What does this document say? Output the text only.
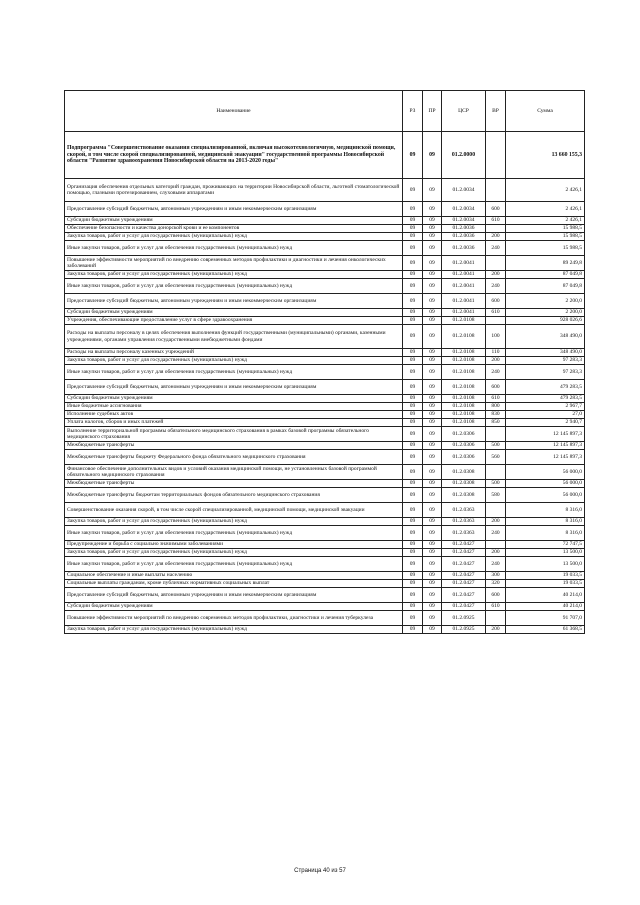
Наименование	РЗ	ПР	ЦСР	ВР	Сумма
Подпрограмма "Совершенствование оказания специализированной, включая высокотехнологичную, медицинской помощи, скорой, в том числе скорой специализированной, медицинской эвакуации" государственной программы Новосибирской области "Развитие здравоохранения Новосибирской области на 2013-2020 годы"	09	09	01.2.0000		13 660 155,3
Организация обеспечения отдельных категорий граждан, проживающих на территории Новосибирской области, льготной стоматологической помощью, глазными протезированием, слуховыми аппаратами	09	09	01.2.0034		2 426,1
Предоставление субсидий бюджетным, автономным учреждениям и иным некоммерческим организациям	09	09	01.2.0034	600	2 426,1
Субсидии бюджетным учреждениям	09	09	01.2.0034	610	2 426,1
Обеспечение безопасности и качества донорской крови и ее компонентов	09	09	01.2.0036		15 988,5
Закупка товаров, работ и услуг для государственных (муниципальных) нужд	09	09	01.2.0036	200	15 988,5
Иные закупки товаров, работ и услуг для обеспечения государственных (муниципальных) нужд	09	09	01.2.0036	240	15 988,5
Повышение эффективности мероприятий по внедрению современных методов профилактики и диагностики и лечения онкологических заболеваний	09	09	01.2.0041		89 249,8
Закупка товаров, работ и услуг для государственных (муниципальных) нужд	09	09	01.2.0041	200	87 049,8
Иные закупки товаров, работ и услуг для обеспечения государственных (муниципальных) нужд	09	09	01.2.0041	240	87 049,8
Предоставление субсидий бюджетным, автономным учреждениям и иным некоммерческим организациям	09	09	01.2.0041	600	2 200,0
Субсидии бюджетным учреждениям	09	09	01.2.0041	610	2 200,0
Учреждения, обеспечивающие предоставление услуг в сфере здравоохранения	09	09	01.2.0108		928 026,6
Расходы на выплаты персоналу в целях обеспечения выполнения функций государственными (муниципальными) органами, казенными учреждениями, органами управления государственными внебюджетными фондами	09	09	01.2.0108	100	348 490,0
Расходы на выплаты персоналу казенных учреждений	09	09	01.2.0108	110	348 490,0
Закупка товаров, работ и услуг для государственных (муниципальных) нужд	09	09	01.2.0108	200	97 283,3
Иные закупки товаров, работ и услуг для обеспечения государственных (муниципальных) нужд	09	09	01.2.0108	240	97 283,3
Предоставление субсидий бюджетным, автономным учреждениям и иным некоммерческим организациям	09	09	01.2.0108	600	479 283,5
Субсидии бюджетным учреждениям	09	09	01.2.0108	610	479 283,5
Иные бюджетные ассигнования	09	09	01.2.0108	800	2 967,7
Исполнение судебных актов	09	09	01.2.0108	830	27,0
Уплата налогов, сборов и иных платежей	09	09	01.2.0108	850	2 940,7
Выполнение территориальной программы обязательного медицинского страхования в рамках базовой программы обязательного медицинского страхования	09	09	01.2.0306		12 145 897,3
Межбюджетные трансферты	09	09	01.2.0306	500	12 145 897,3
Межбюджетные трансферты бюджету Федерального фонда обязательного медицинского страхования	09	09	01.2.0306	560	12 145 897,3
Финансовое обеспечение дополнительных видов и условий оказания медицинской помощи, не установленных базовой программой обязательного медицинского страхования	09	09	01.2.0308		56 000,0
Межбюджетные трансферты	09	09	01.2.0308	500	56 000,0
Межбюджетные трансферты бюджетам территориальных фондов обязательного медицинского страхования	09	09	01.2.0308	580	56 000,0
Совершенствование оказания скорой, в том числе скорой специализированной, медицинской помощи, медицинской эвакуации	09	09	01.2.0363		8 316,0
Закупка товаров, работ и услуг для государственных (муниципальных) нужд	09	09	01.2.0363	200	8 316,0
Иные закупки товаров, работ и услуг для обеспечения государственных (муниципальных) нужд	09	09	01.2.0363	240	8 316,0
Предупреждение и борьба с социально значимыми заболеваниями	09	09	01.2.0427		72 747,5
Закупка товаров, работ и услуг для государственных (муниципальных) нужд	09	09	01.2.0427	200	13 500,0
Иные закупки товаров, работ и услуг для обеспечения государственных (муниципальных) нужд	09	09	01.2.0427	240	13 500,0
Социальное обеспечение и иные выплаты населению	09	09	01.2.0427	300	19 033,5
Социальные выплаты гражданам, кроме публичных нормативных социальных выплат	09	09	01.2.0427	320	19 033,5
Предоставление субсидий бюджетным, автономным учреждениям и иным некоммерческим организациям	09	09	01.2.0427	600	40 214,0
Субсидии бюджетным учреждениям	09	09	01.2.0427	610	40 214,0
Повышение эффективности мероприятий по внедрению современных методов профилактики, диагностики и лечения туберкулеза	09	09	01.2.0925		91 707,0
Закупка товаров, работ и услуг для государственных (муниципальных) нужд	09	09	01.2.0925	200	61 368,5
Страница 40 из 57
